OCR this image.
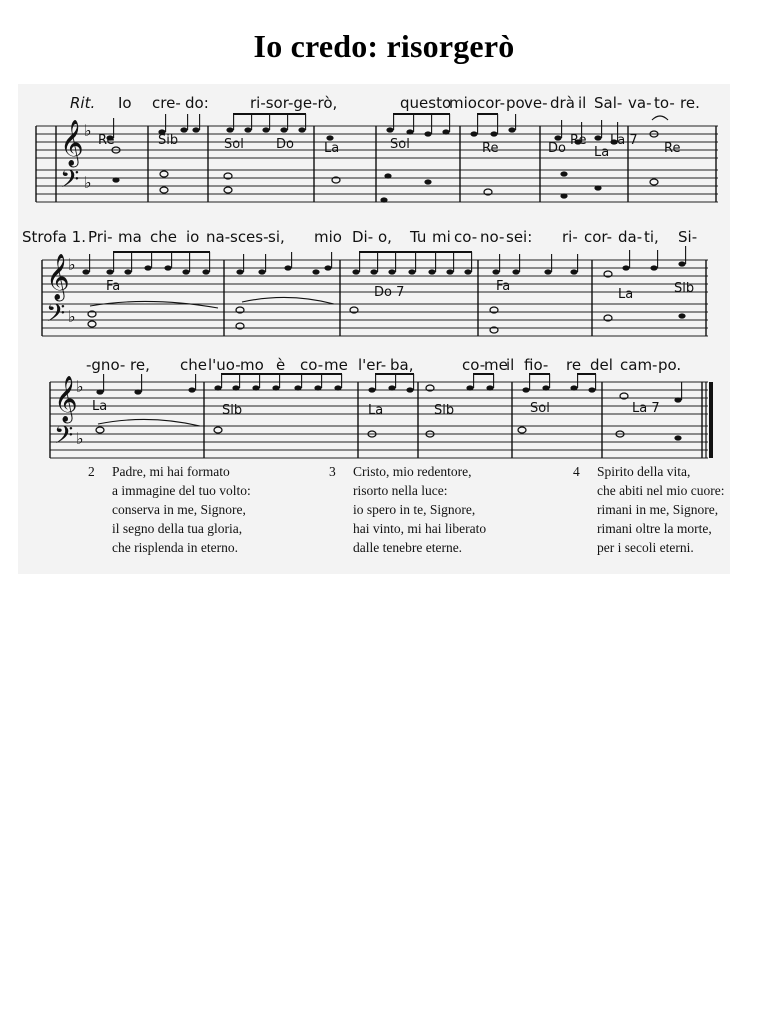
Io credo: risorgerò
Rit. Io cre- do:	ri-sor-ge-rò,	questo
mio cor- po ve- drà il Sal- va- to- re.
𝄞
𝄢
♭
♭
Re	Sib	Sol Do La	Sol	Re	Do
Re
La
La 7
Re
Strofa 1. Pri- ma che io na- sces- si, mio Di- o, Tu mi co- no- sei: ri- cor- da- ti, Si-
𝄞
𝄢
♭
♭
Fa	Do 7	Fa
La	Sib
-gno- re, che l'uo- mo è co- me l'er- ba,	co-
me
il fio- re del cam- po.
𝄞
𝄢
♭
♭
La	Sib	La	Sib	Sol	La 7
2 Padre, mi hai formato
a immagine del tuo volto:
conserva in me, Signore,
il segno della tua gloria,
che risplenda in eterno.
3 Cristo, mio redentore,
risorto nella luce:
io spero in te, Signore,
hai vinto, mi hai liberato
dalle tenebre eterne.
4 Spirito della vita,
che abiti nel mio cuore:
rimani in me, Signore,
rimani oltre la morte,
per i secoli eterni.
